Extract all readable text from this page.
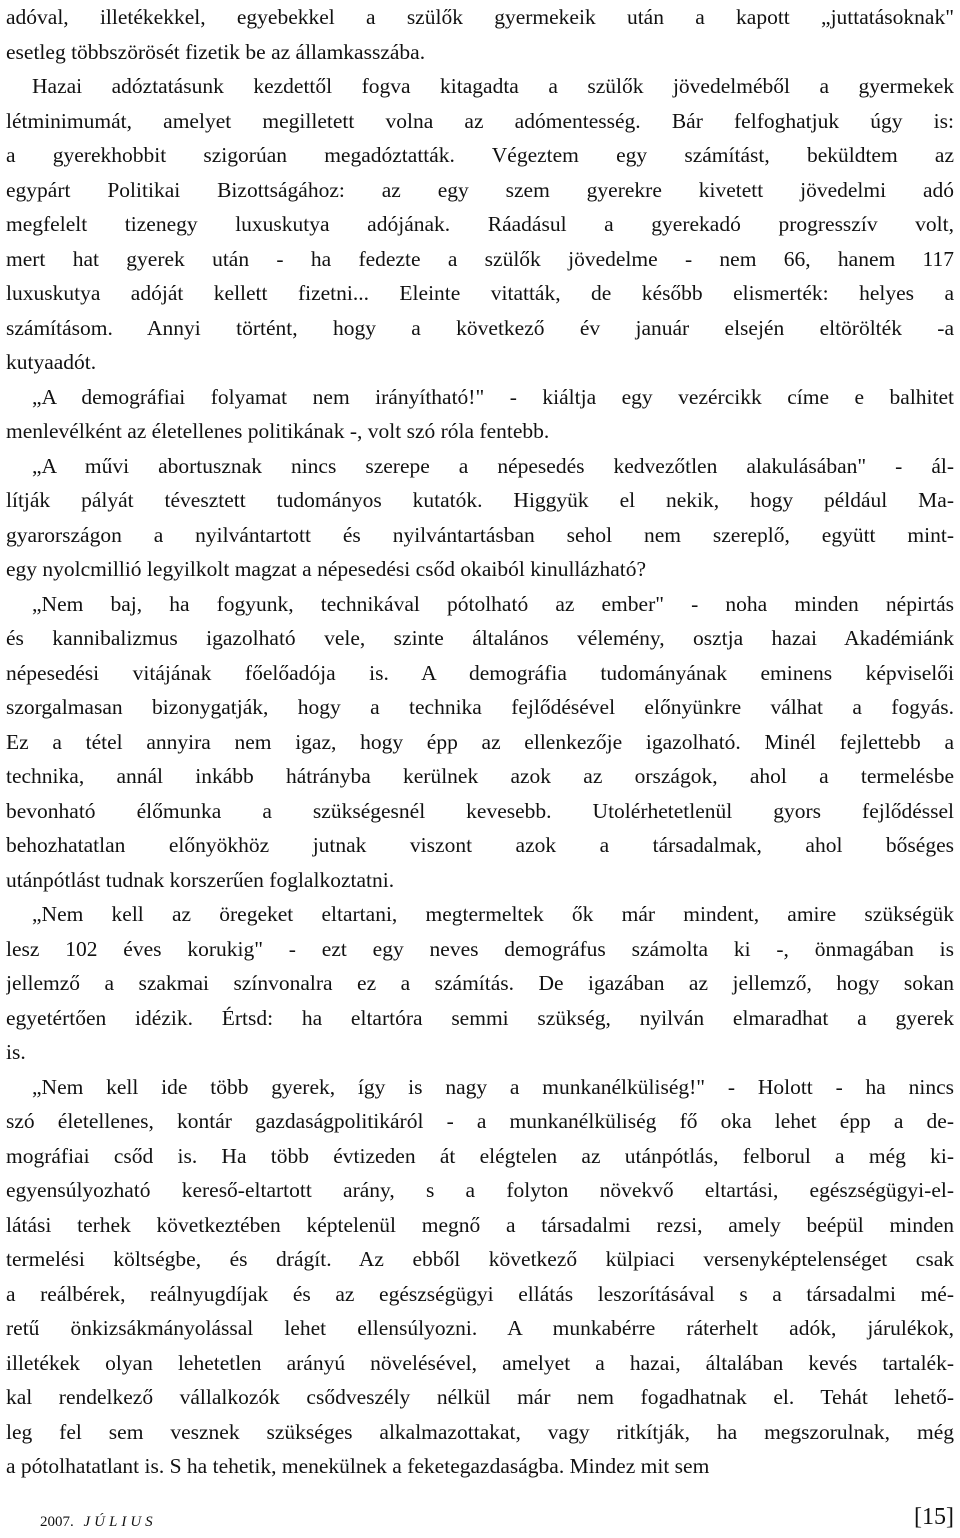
adóval, illetékekkel, egyebekkel a szülők gyermekeik után a kapott „juttatásoknak"
esetleg többszörösét fizetik be az államkasszába.
Hazai adóztatásunk kezdettől fogva kitagadta a szülők jövedelméből a gyermekek
létminimumát, amelyet megilletett volna az adómentesség. Bár felfoghatjuk úgy is:
a gyerekhobbit szigorúan megadóztatták. Végeztem egy számítást, beküldtem az
egypárt Politikai Bizottságához: az egy szem gyerekre kivetett jövedelmi adó
megfelelt tizenegy luxuskutya adójának. Ráadásul a gyerekadó progresszív volt,
mert hat gyerek után - ha fedezte a szülők jövedelme - nem 66, hanem 117
luxuskutya adóját kellett fizetni... Eleinte vitatták, de később elismerték: helyes a
számításom. Annyi történt, hogy a következő év január elsején eltörölték -a
kutyaadót.
„A demográfiai folyamat nem irányítható!" - kiáltja egy vezércikk címe e balhitet
menlevélként az életellenes politikának -, volt szó róla fentebb.
„A művi abortusznak nincs szerepe a népesedés kedvezőtlen alakulásában" - ál-
lítják pályát tévesztett tudományos kutatók. Higgyük el nekik, hogy például Ma-
gyarországon a nyilvántartott és nyilvántartásban sehol nem szereplő, együtt mint-
egy nyolcmillió legyilkolt magzat a népesedési csőd okaiból kinullázható?
„Nem baj, ha fogyunk, technikával pótolható az ember" - noha minden népirtás
és kannibalizmus igazolható vele, szinte általános vélemény, osztja hazai Akadémiánk
népesedési vitájának főelőadója is. A demográfia tudományának eminens képviselői
szorgalmasan bizonygatják, hogy a technika fejlődésével előnyünkre válhat a fogyás.
Ez a tétel annyira nem igaz, hogy épp az ellenkezője igazolható. Minél fejlettebb a
technika, annál inkább hátrányba kerülnek azok az országok, ahol a termelésbe
bevonható élőmunka a szükségesnél kevesebb. Utolérhetetlenül gyors fejlődéssel
behozhatatlan előnyökhöz jutnak viszont azok a társadalmak, ahol bőséges
utánpótlást tudnak korszerűen foglalkoztatni.
„Nem kell az öregeket eltartani, megtermeltek ők már mindent, amire szükségük
lesz 102 éves korukig" - ezt egy neves demográfus számolta ki -, önmagában is
jellemző a szakmai színvonalra ez a számítás. De igazában az jellemző, hogy sokan
egyetértően idézik. Értsd: ha eltartóra semmi szükség, nyilván elmaradhat a gyerek
is.
„Nem kell ide több gyerek, így is nagy a munkanélküliség!" - Holott - ha nincs
szó életellenes, kontár gazdaságpolitikáról - a munkanélküliség fő oka lehet épp a de-
mográfiai csőd is. Ha több évtizeden át elégtelen az utánpótlás, felborul a még ki-
egyensúlyozható kereső-eltartott arány, s a folyton növekvő eltartási, egészségügyi-el-
látási terhek következtében képtelenül megnő a társadalmi rezsi, amely beépül minden
termelési költségbe, és drágít. Az ebből következő külpiaci versenyképtelenséget csak
a reálbérek, reálnyugdíjak és az egészségügyi ellátás leszorításával s a társadalmi mé-
retű önkizsákmányolással lehet ellensúlyozni. A munkabérre ráterhelt adók, járulékok,
illetékek olyan lehetetlen arányú növelésével, amelyet a hazai, általában kevés tartalék-
kal rendelkező vállalkozók csődveszély nélkül már nem fogadhatnak el. Tehát lehető-
leg fel sem vesznek szükséges alkalmazottakat, vagy ritkítják, ha megszorulnak, még
a pótolhatatlant is. S ha tehetik, menekülnek a feketegazdaságba. Mindez mit sem
2007. JÚLIUS	[15]
